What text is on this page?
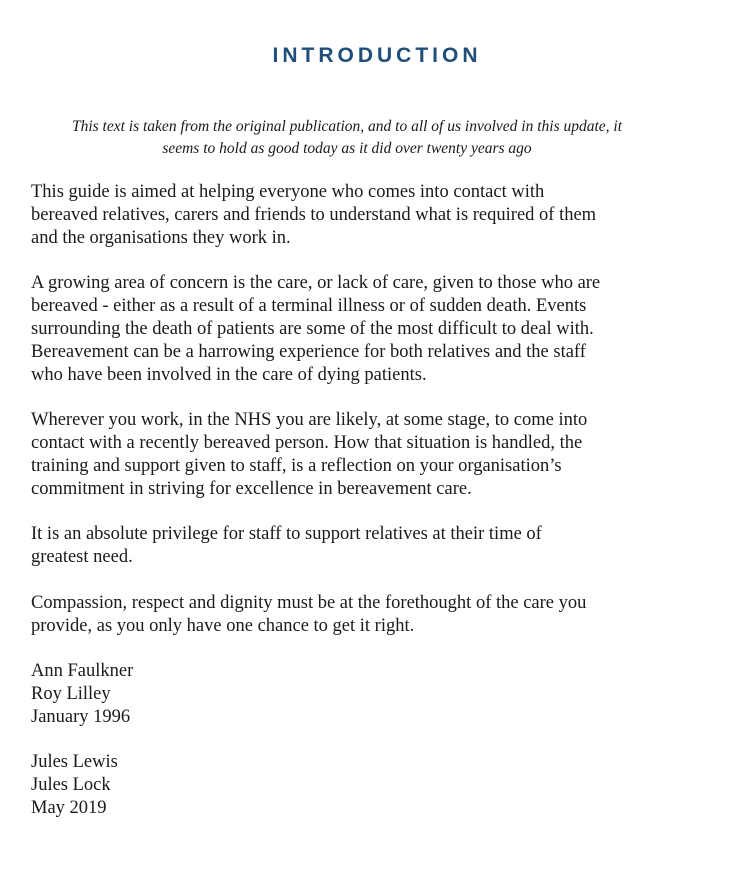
INTRODUCTION
This text is taken from the original publication, and to all of us involved in this update, it
seems to hold as good today as it did over twenty years ago

This guide is aimed at helping everyone who comes into contact with
bereaved relatives, carers and friends to understand what is required of them
and the organisations they work in.

A growing area of concern is the care, or lack of care, given to those who are
bereaved - either as a result of a terminal illness or of sudden death. Events
surrounding the death of patients are some of the most difficult to deal with.
Bereavement can be a harrowing experience for both relatives and the staff
who have been involved in the care of dying patients.

Wherever you work, in the NHS you are likely, at some stage, to come into
contact with a recently bereaved person. How that situation is handled, the
training and support given to staff, is a reflection on your organisation’s
commitment in striving for excellence in bereavement care.

It is an absolute privilege for staff to support relatives at their time of
greatest need.

Compassion, respect and dignity must be at the forethought of the care you
provide, as you only have one chance to get it right.

Ann Faulkner
Roy Lilley
January 1996
Jules Lewis
Jules Lock
May 2019
